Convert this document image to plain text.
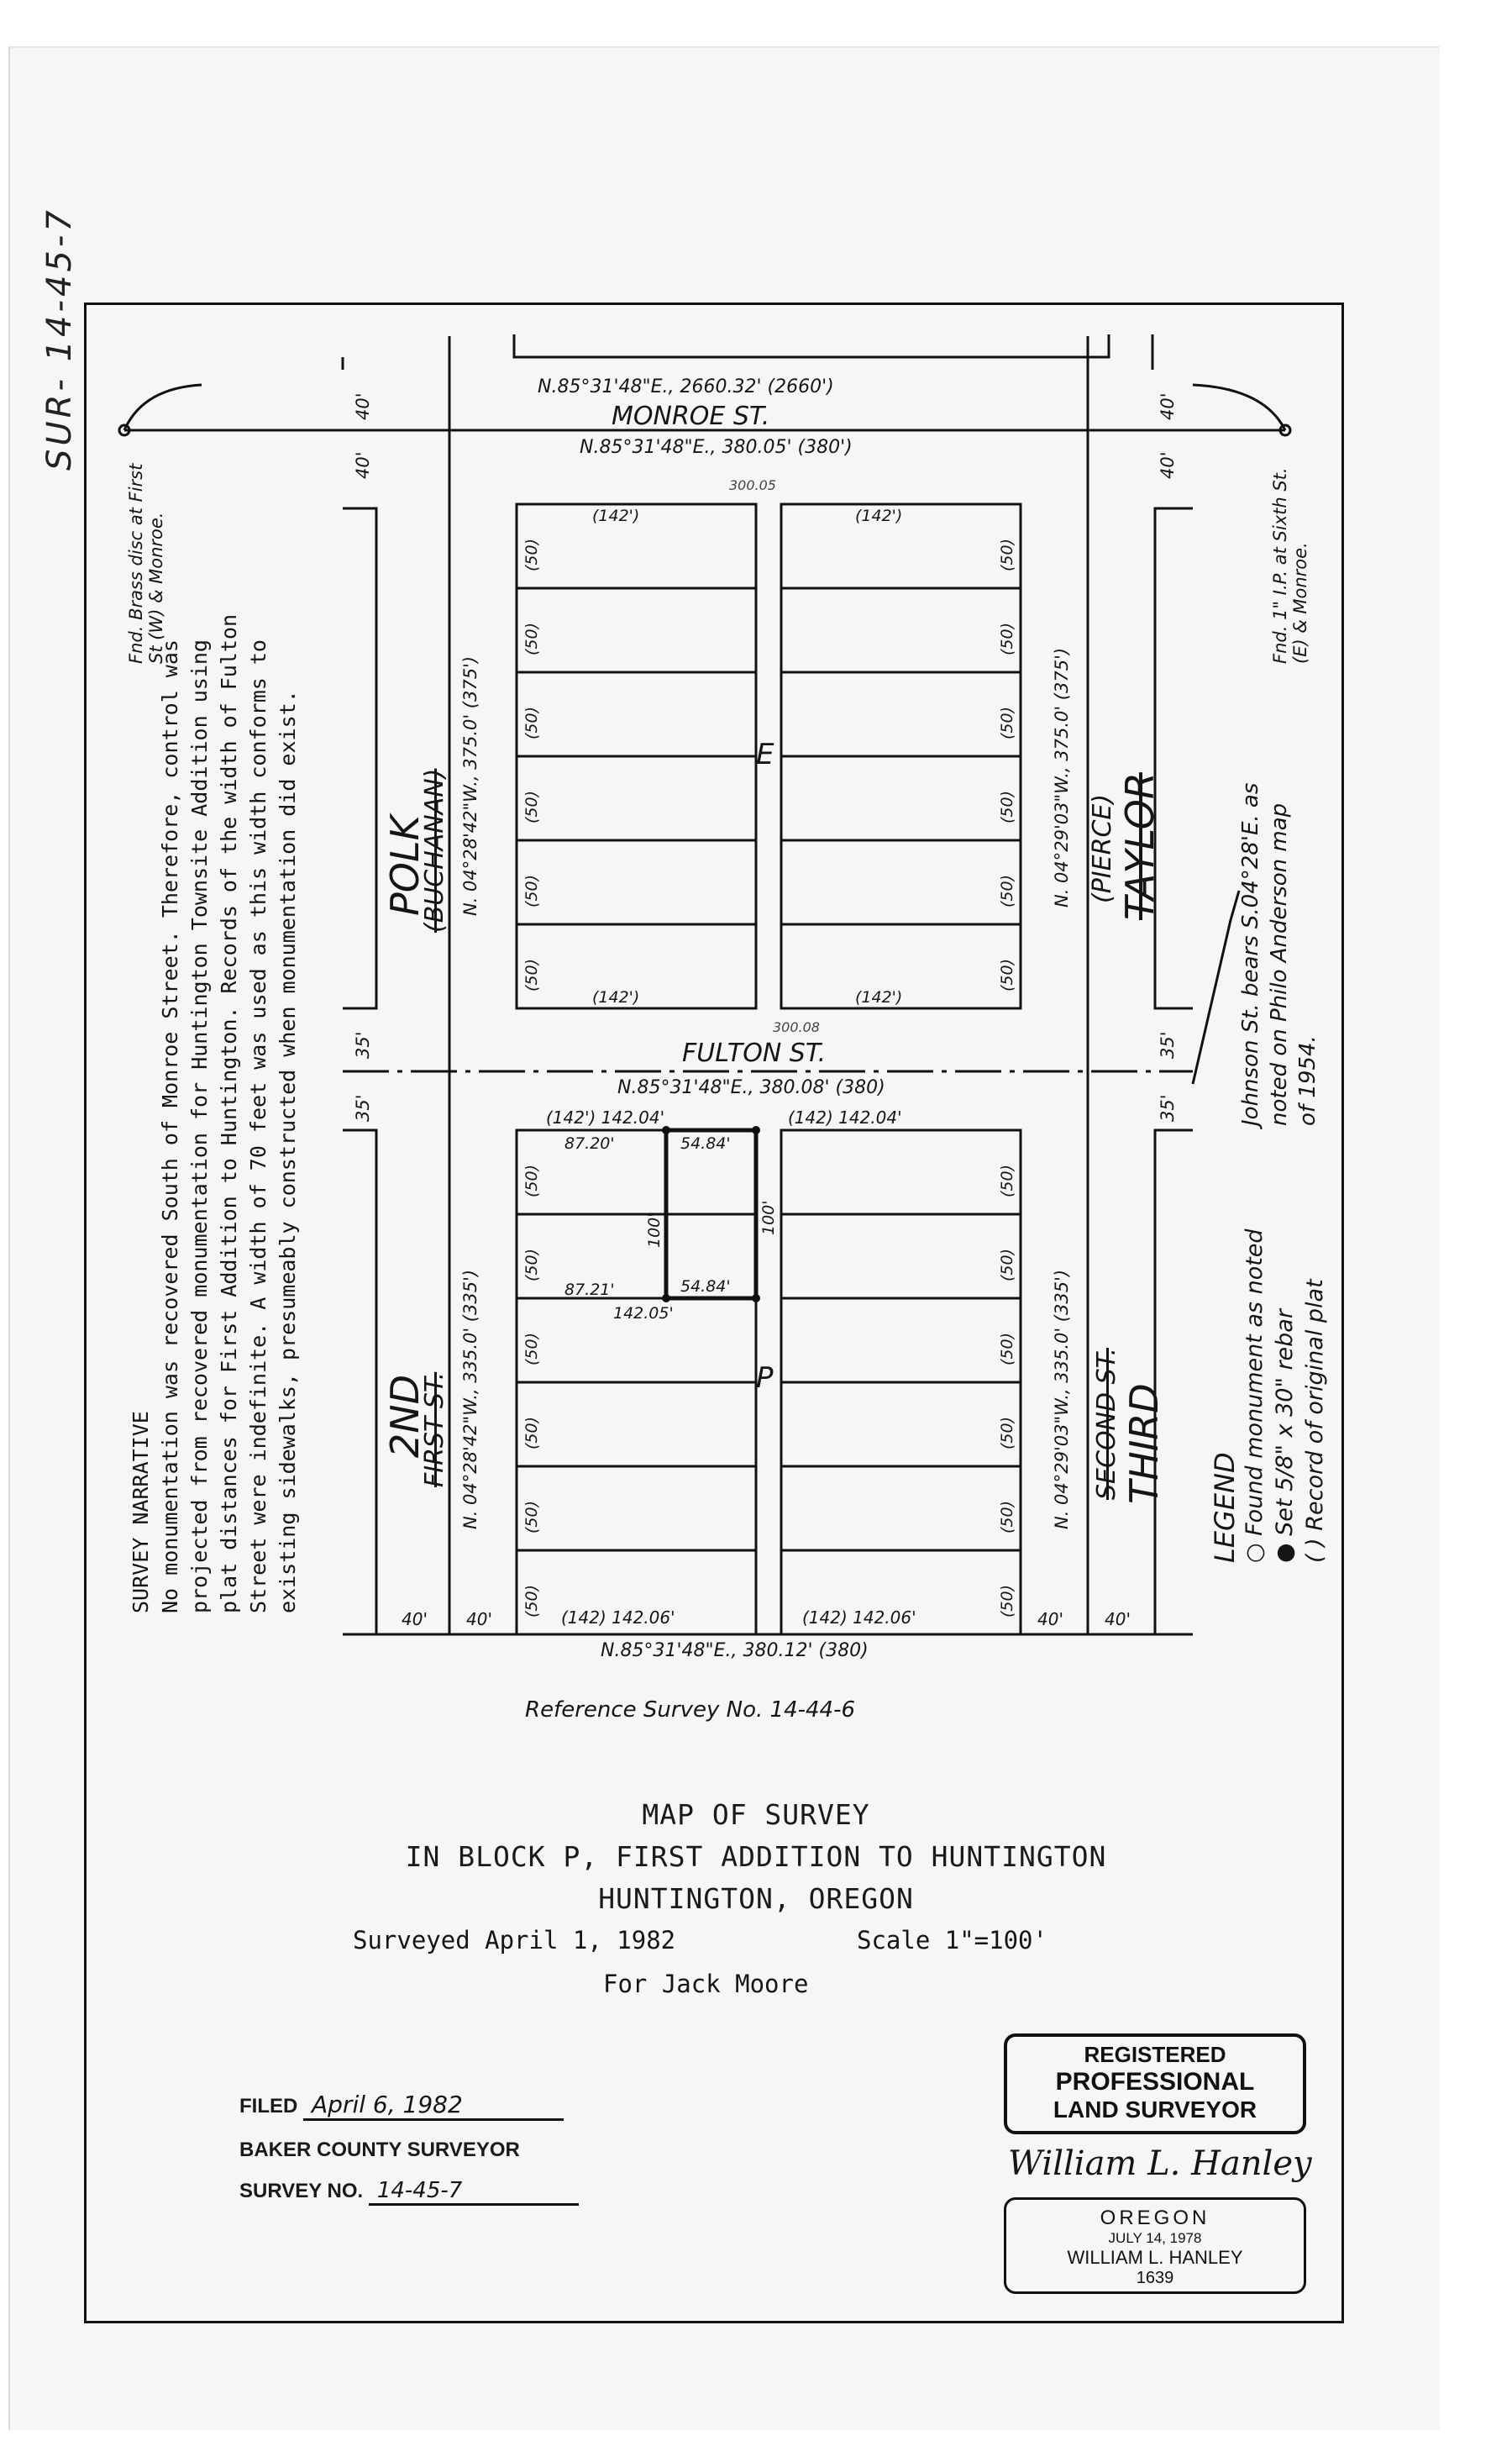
SUR- 14-45-7
SURVEY NARRATIVE No monumentation was recovered South of Monroe Street. Therefore, control was projected from recovered monumentation for Huntington Townsite Addition using plat distances for First Addition to Huntington. Records of the width of Fulton Street were indefinite. A width of 70 feet was used as this width conforms to existing sidewalks, presumeably constructed when monumentation did exist.
Fnd. Brass disc at First St (W) & Monroe.	Fnd. 1" I.P. at Sixth St. (E) & Monroe.
Johnson St. bears S.04°28'E. as noted on Philo Anderson map of 1954.
MONROE ST.
FULTON ST.
POLK
(BUCHANAN)	TAYLOR
(PIERCE)
2ND
FIRST ST.	SECOND ST. THIRD
N.85°31'48"E., 2660.32' (2660')
N.85°31'48"E., 380.05' (380')
N.85°31'48"E., 380.08' (380)
N.85°31'48"E., 380.12' (380)
N. 04°28'42"W., 375.0' (375')	N. 04°29'03"W., 375.0' (375')
N. 04°28'42"W., 335.0' (335')	N. 04°29'03"W., 335.0' (335')
E
P
40'
40'
40'
40'
35'
35'
35'
35'
40' 40'	40' 40'
(142')	(142')
(142')	(142')
(50)
(50)
(50)
(50)
(50)
(50)
(50)
(50)
(50)
(50)
(50)
(50)
300.05
300.08
(142') 142.04'	(142) 142.04'
(142) 142.06'	(142) 142.06'
(50)
(50)
(50)
(50)
(50)
(50)
(50)
(50)
(50)
(50)
(50)
(50)
87.20'	54.84'
87.21'	54.84'
142.05'
100'	100'
LEGEND ○ Found monument as noted
● Set 5/8" x 30" rebar
( ) Record of original plat
Reference Survey No. 14-44-6
MAP OF SURVEY
IN BLOCK P, FIRST ADDITION TO HUNTINGTON
HUNTINGTON, OREGON
Surveyed April 1, 1982	Scale 1"=100'
For Jack Moore
FILED April 6, 1982
BAKER COUNTY SURVEYOR
SURVEY NO. 14-45-7
REGISTERED
PROFESSIONAL
LAND SURVEYOR
William L. Hanley
OREGON
JULY 14, 1978
WILLIAM L. HANLEY
1639
